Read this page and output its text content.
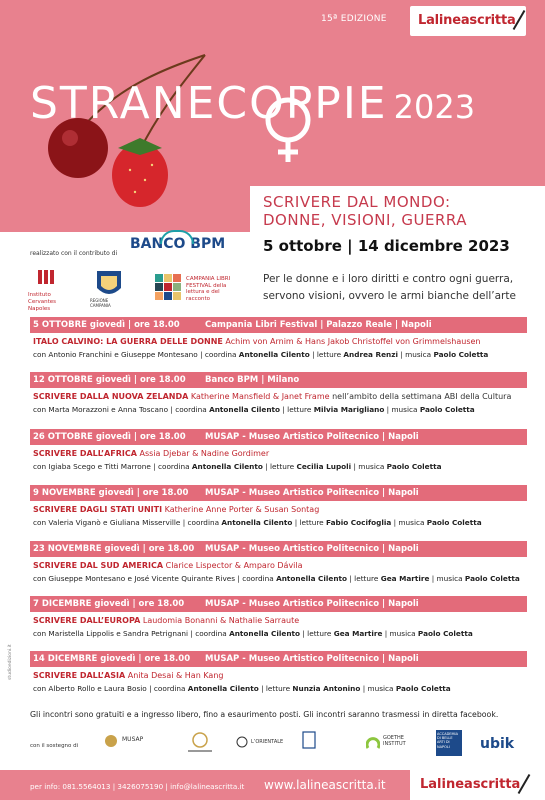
15ª EDIZIONE Lalineascritta
STRANECOPPIE 2023
SCRIVERE DAL MONDO:
DONNE, VISIONI, GUERRA
5 ottobre | 14 dicembre 2023
Per le donne e i loro diritti e contro ogni guerra,
servono visioni, ovvero le armi bianche dell’arte
realizzato con il contributo di
BANCO BPM
Instituto Cervantes Napoles
REGIONE CAMPANIA
CAMPANIA LIBRI FESTIVAL della lettura e del racconto
studioedizioni.it
5 OTTOBRE giovedì | ore 18.00	Campania Libri Festival | Palazzo Reale | Napoli
ITALO CALVINO: LA GUERRA DELLE DONNE Achim von Arnim & Hans Jakob Christoffel von Grimmelshausen
con Antonio Franchini e Giuseppe Montesano | coordina Antonella Cilento | letture Andrea Renzi | musica Paolo Coletta
12 OTTOBRE giovedì | ore 18.00 Banco BPM | Milano
SCRIVERE DALLA NUOVA ZELANDA Katherine Mansfield & Janet Frame nell’ambito della settimana ABI della Cultura
con Marta Morazzoni e Anna Toscano | coordina Antonella Cilento | letture Milvia Marigliano | musica Paolo Coletta
26 OTTOBRE giovedì | ore 18.00 MUSAP - Museo Artistico Politecnico | Napoli
SCRIVERE DALL’AFRICA Assia Djebar & Nadine Gordimer
con Igiaba Scego e Titti Marrone | coordina Antonella Cilento | letture Cecilia Lupoli | musica Paolo Coletta
9 NOVEMBRE giovedì | ore 18.00 MUSAP - Museo Artistico Politecnico | Napoli
SCRIVERE DAGLI STATI UNITI Katherine Anne Porter & Susan Sontag
con Valeria Viganò e Giuliana Misserville | coordina Antonella Cilento | letture Fabio Cocifoglia | musica Paolo Coletta
23 NOVEMBRE giovedì | ore 18.00 MUSAP - Museo Artistico Politecnico | Napoli
SCRIVERE DAL SUD AMERICA Clarice Lispector & Amparo Dávila
con Giuseppe Montesano e José Vicente Quirante Rives | coordina Antonella Cilento | letture Gea Martire | musica Paolo Coletta
7 DICEMBRE giovedì | ore 18.00 MUSAP - Museo Artistico Politecnico | Napoli
SCRIVERE DALL’EUROPA Laudomia Bonanni & Nathalie Sarraute
con Maristella Lippolis e Sandra Petrignani | coordina Antonella Cilento | letture Gea Martire | musica Paolo Coletta
14 DICEMBRE giovedì | ore 18.00 MUSAP - Museo Artistico Politecnico | Napoli
SCRIVERE DALL’ASIA Anita Desai & Han Kang
con Alberto Rollo e Laura Bosio | coordina Antonella Cilento | letture Nunzia Antonino | musica Paolo Coletta
Gli incontri sono gratuiti e a ingresso libero, fino a esaurimento posti. Gli incontri saranno trasmessi in diretta facebook.
con il sostegno di
MUSAP	L’ORIENTALE
GOETHE INSTITUT
ACCADEMIA DI BELLE ARTI DI NAPOLI	ubik
per info: 081.5564013 | 3426075190 | info@lalineascritta.it www.lalineascritta.it	Lalineascritta
